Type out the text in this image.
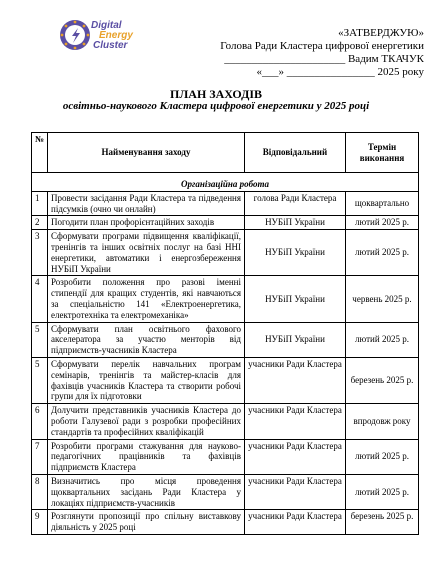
Digital
Energy
Cluster
«ЗАТВЕРДЖУЮ»
Голова Ради Кластера цифрової енергетики
______________________ Вадим ТКАЧУК
«___» ________________ 2025 року
ПЛАН ЗАХОДІВ
освітньо-наукового Кластера цифрової енергетики у 2025 році
№	Найменування заходу	Відповідальний	Термін виконання
Організаційна робота			
1	Провести засідання Ради Кластера та підведення підсумків (очно чи онлайн)	голова Ради Кластера	щоквартально
2	Погодити план профорієнтаційних заходів	НУБіП України	лютий 2025 р.
3	Сформувати програми підвищення кваліфікації, тренінгів та інших освітніх послуг на базі ННІ енергетики, автоматики і енергозбереження НУБіП України	НУБіП України	лютий 2025 р.
4	Розробити положення про разові іменні стипендії для кращих студентів, які навчаються за спеціальністю 141 «Електроенергетика, електротехніка та електромеханіка»	НУБіП України	червень 2025 р.
5	Сформувати план освітнього фахового акселератора за участю менторів від підприємств-учасників Кластера	НУБіП України	лютий 2025 р.
5	Сформувати перелік навчальних програм семінарів, тренінгів та майстер-класів для фахівців учасників Кластера та створити робочі групи для їх підготовки	учасники Ради Кластера	березень 2025 р.
6	Долучити представників учасників Кластера до роботи Галузевої ради з розробки професійних стандартів та професійних кваліфікацій	учасники Ради Кластера	впродовж року
7	Розробити програми стажування для науково-педагогічних працівників та фахівців підприємств Кластера	учасники Ради Кластера	лютий 2025 р.
8	Визначитись про місця проведення щоквартальних засідань Ради Кластера у локаціях підприємств-учасників	учасники Ради Кластера	лютий 2025 р.
9	Розглянути пропозиції про спільну виставкову діяльність у 2025 році	учасники Ради Кластера	березень 2025 р.
